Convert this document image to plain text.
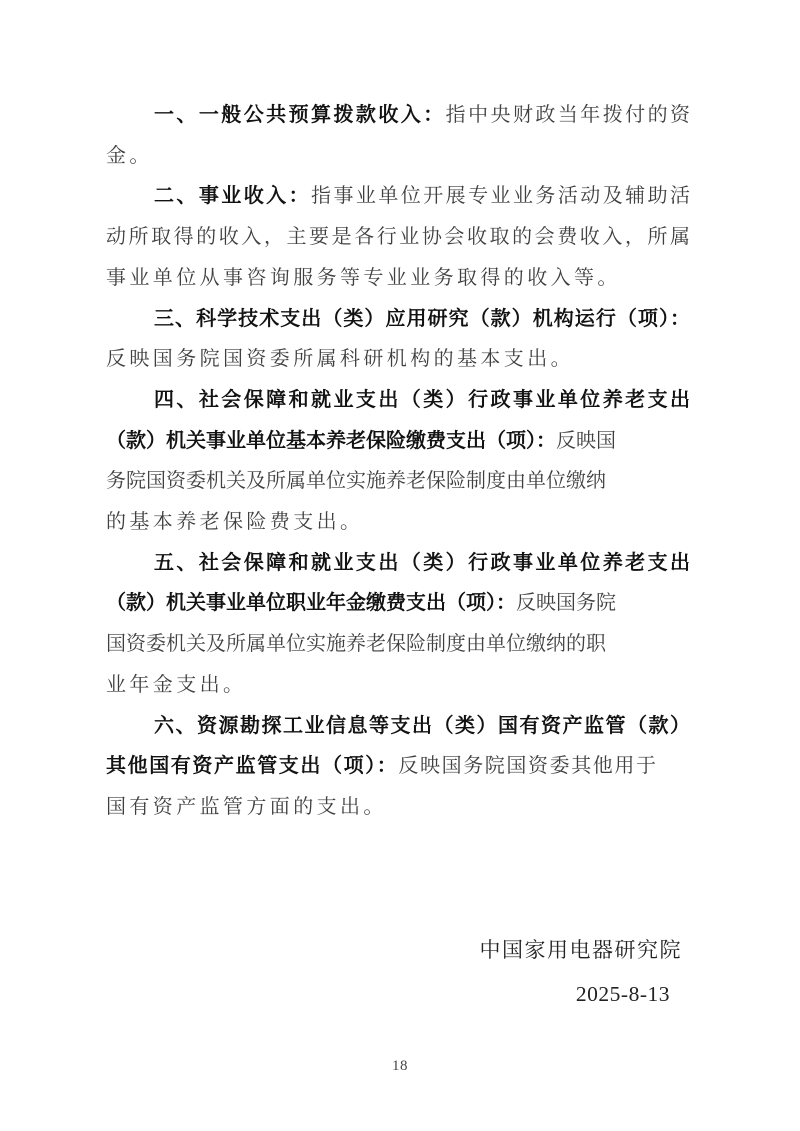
一、一般公共预算拨款收入：指中央财政当年拨付的资
金。
二、事业收入：指事业单位开展专业业务活动及辅助活
动所取得的收入，主要是各行业协会收取的会费收入，所属
事业单位从事咨询服务等专业业务取得的收入等。
三、科学技术支出（类）应用研究（款）机构运行（项）：
反映国务院国资委所属科研机构的基本支出。
四、社会保障和就业支出（类）行政事业单位养老支出
（款）机关事业单位基本养老保险缴费支出（项）：反映国
务院国资委机关及所属单位实施养老保险制度由单位缴纳
的基本养老保险费支出。
五、社会保障和就业支出（类）行政事业单位养老支出
（款）机关事业单位职业年金缴费支出（项）：反映国务院
国资委机关及所属单位实施养老保险制度由单位缴纳的职
业年金支出。
六、资源勘探工业信息等支出（类）国有资产监管（款）
其他国有资产监管支出（项）：反映国务院国资委其他用于
国有资产监管方面的支出。
中国家用电器研究院
2025-8-13
18
